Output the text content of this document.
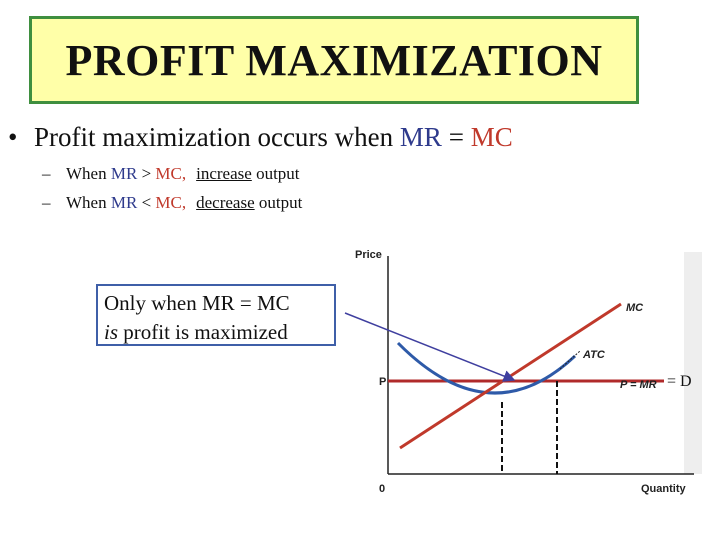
PROFIT MAXIMIZATION
• Profit maximization occurs when MR = MC
– When MR > MC, increase output
– When MR < MC, decrease output
Price
Quantity
0
P
ATC
MC
P = MR = D
Only when MR = MC
is profit is maximized
